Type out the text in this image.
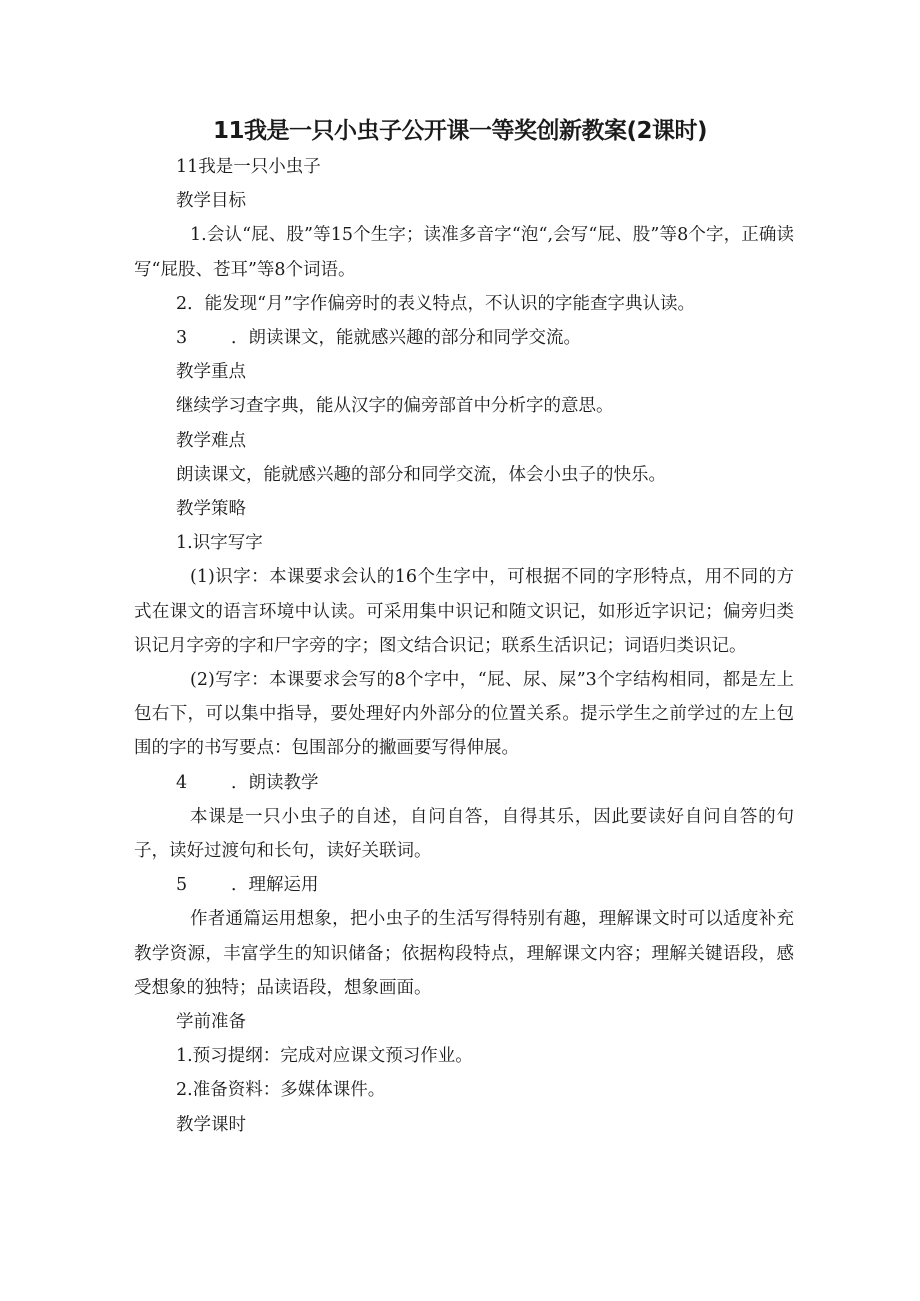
11我是一只小虫子公开课一等奖创新教案(2课时)

11我是一只小虫子

教学目标

1.会认“屁、股”等15个生字；读准多音字“泡“,会写“屁、股”等8个字，正确读写“屁股、苍耳”等8个词语。

2．能发现“月”字作偏旁时的表义特点，不认识的字能查字典认读。

3	．朗读课文，能就感兴趣的部分和同学交流。

教学重点

继续学习查字典，能从汉字的偏旁部首中分析字的意思。

教学难点

朗读课文，能就感兴趣的部分和同学交流，体会小虫子的快乐。

教学策略

1.识字写字

(1)识字：本课要求会认的16个生字中，可根据不同的字形特点，用不同的方式在课文的语言环境中认读。可采用集中识记和随文识记，如形近字识记；偏旁归类识记月字旁的字和尸字旁的字；图文结合识记；联系生活识记；词语归类识记。

(2)写字：本课要求会写的8个字中，“屁、尿、屎”3个字结构相同，都是左上包右下，可以集中指导，要处理好内外部分的位置关系。提示学生之前学过的左上包围的字的书写要点：包围部分的撇画要写得伸展。

4	．朗读教学

本课是一只小虫子的自述，自问自答，自得其乐，因此要读好自问自答的句子，读好过渡句和长句，读好关联词。

5	．理解运用

作者通篇运用想象，把小虫子的生活写得特别有趣，理解课文时可以适度补充教学资源，丰富学生的知识储备；依据构段特点，理解课文内容；理解关键语段，感受想象的独特；品读语段，想象画面。

学前准备

1.预习提纲：完成对应课文预习作业。

2.准备资料：多媒体课件。

教学课时
